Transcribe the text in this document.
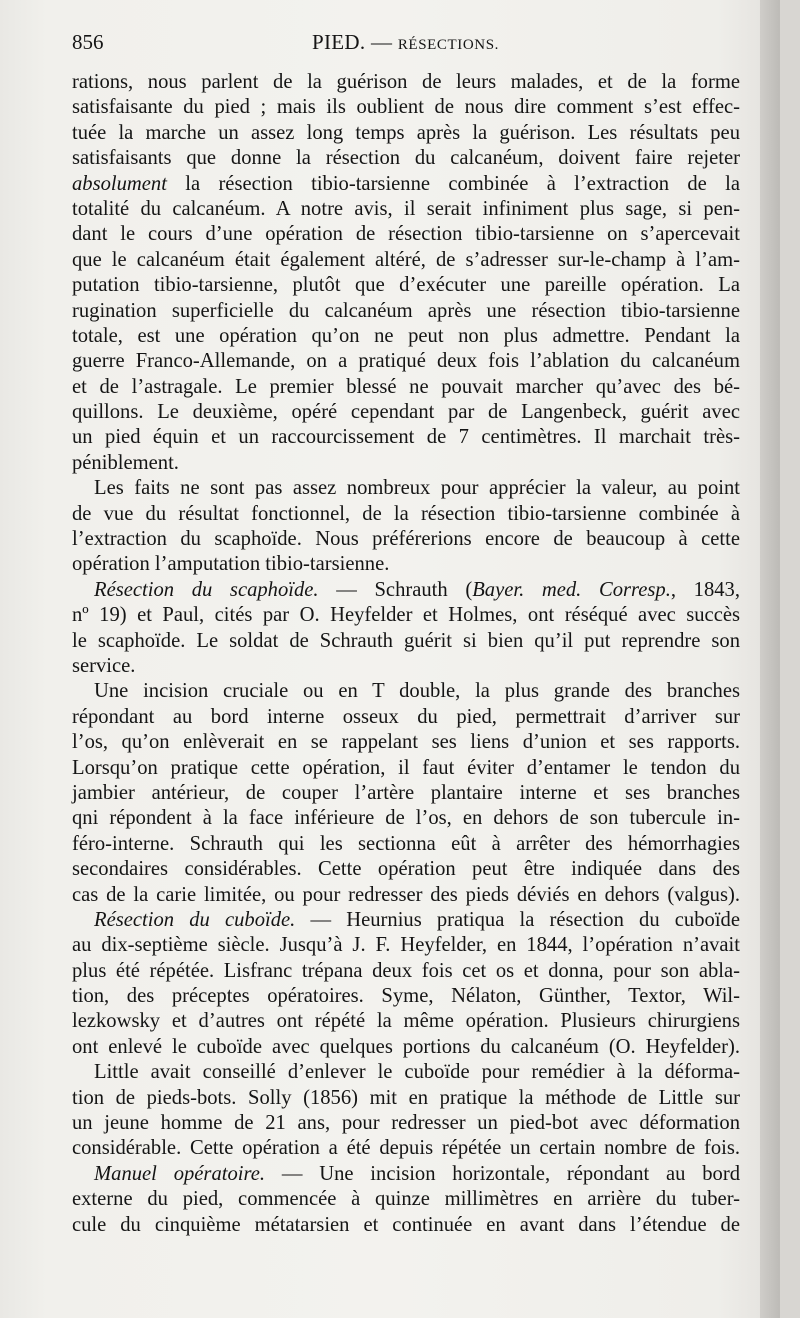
856	PIED. — RÉSECTIONS.
rations, nous parlent de la guérison de leurs malades, et de la forme
satisfaisante du pied ; mais ils oublient de nous dire comment s’est effec-
tuée la marche un assez long temps après la guérison. Les résultats peu
satisfaisants que donne la résection du calcanéum, doivent faire rejeter
absolument la résection tibio-tarsienne combinée à l’extraction de la
totalité du calcanéum. A notre avis, il serait infiniment plus sage, si pen-
dant le cours d’une opération de résection tibio-tarsienne on s’apercevait
que le calcanéum était également altéré, de s’adresser sur-le-champ à l’am-
putation tibio-tarsienne, plutôt que d’exécuter une pareille opération. La
rugination superficielle du calcanéum après une résection tibio-tarsienne
totale, est une opération qu’on ne peut non plus admettre. Pendant la
guerre Franco-Allemande, on a pratiqué deux fois l’ablation du calcanéum
et de l’astragale. Le premier blessé ne pouvait marcher qu’avec des bé-
quillons. Le deuxième, opéré cependant par de Langenbeck, guérit avec
un pied équin et un raccourcissement de 7 centimètres. Il marchait très-
péniblement.
Les faits ne sont pas assez nombreux pour apprécier la valeur, au point
de vue du résultat fonctionnel, de la résection tibio-tarsienne combinée à
l’extraction du scaphoïde. Nous préférerions encore de beaucoup à cette
opération l’amputation tibio-tarsienne.
Résection du scaphoïde. — Schrauth (Bayer. med. Corresp., 1843,
nº 19) et Paul, cités par O. Heyfelder et Holmes, ont réséqué avec succès
le scaphoïde. Le soldat de Schrauth guérit si bien qu’il put reprendre son
service.
Une incision cruciale ou en T double, la plus grande des branches
répondant au bord interne osseux du pied, permettrait d’arriver sur
l’os, qu’on enlèverait en se rappelant ses liens d’union et ses rapports.
Lorsqu’on pratique cette opération, il faut éviter d’entamer le tendon du
jambier antérieur, de couper l’artère plantaire interne et ses branches
qni répondent à la face inférieure de l’os, en dehors de son tubercule in-
féro-interne. Schrauth qui les sectionna eût à arrêter des hémorrhagies
secondaires considérables. Cette opération peut être indiquée dans des
cas de la carie limitée, ou pour redresser des pieds déviés en dehors (valgus).
Résection du cuboïde. — Heurnius pratiqua la résection du cuboïde
au dix-septième siècle. Jusqu’à J. F. Heyfelder, en 1844, l’opération n’avait
plus été répétée. Lisfranc trépana deux fois cet os et donna, pour son abla-
tion, des préceptes opératoires. Syme, Nélaton, Günther, Textor, Wil-
lezkowsky et d’autres ont répété la même opération. Plusieurs chirurgiens
ont enlevé le cuboïde avec quelques portions du calcanéum (O. Heyfelder).
Little avait conseillé d’enlever le cuboïde pour remédier à la déforma-
tion de pieds-bots. Solly (1856) mit en pratique la méthode de Little sur
un jeune homme de 21 ans, pour redresser un pied-bot avec déformation
considérable. Cette opération a été depuis répétée un certain nombre de fois.
Manuel opératoire. — Une incision horizontale, répondant au bord
externe du pied, commencée à quinze millimètres en arrière du tuber-
cule du cinquième métatarsien et continuée en avant dans l’étendue de
